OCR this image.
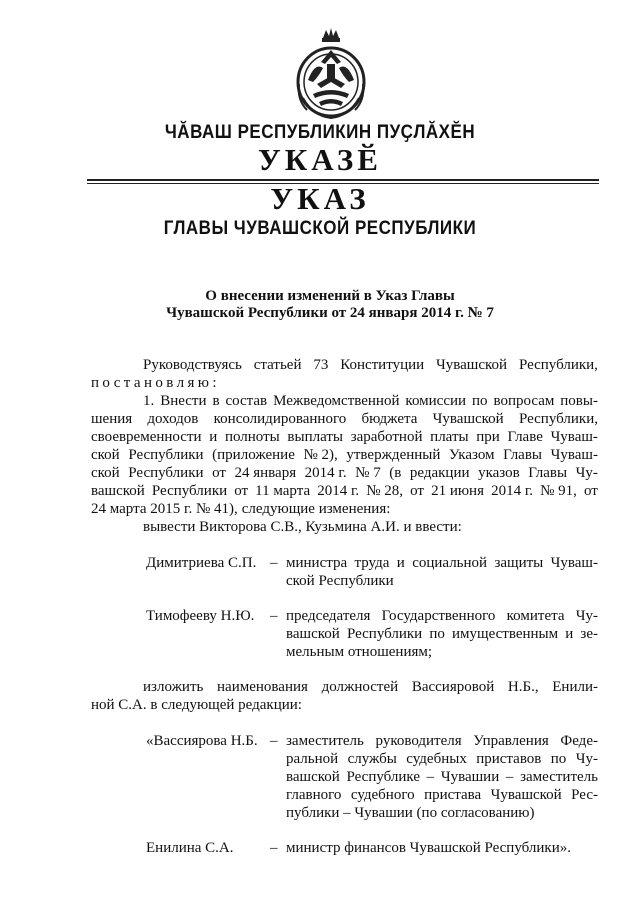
ЧӐВАШ РЕСПУБЛИКИН ПУҪЛӐХӖН
УКАЗӖ
УКАЗ
ГЛАВЫ ЧУВАШСКОЙ РЕСПУБЛИКИ
О внесении изменений в Указ Главы
Чувашской Республики от 24 января 2014 г. № 7
Руководствуясь статьей 73 Конституции Чувашской Республики,
постановляю:
1. Внести в состав Межведомственной комиссии по вопросам повы-
шения доходов консолидированного бюджета Чувашской Республики,
своевременности и полноты выплаты заработной платы при Главе Чуваш-
ской Республики (приложение № 2), утвержденный Указом Главы Чуваш-
ской Республики от 24 января 2014 г. № 7 (в редакции указов Главы Чу-
вашской Республики от 11 марта 2014 г. № 28, от 21 июня 2014 г. № 91, от
24 марта 2015 г. № 41), следующие изменения:
вывести Викторова С.В., Кузьмина А.И. и ввести:
Димитриева С.П. – министра труда и социальной защиты Чуваш-
ской Республики
Тимофееву Н.Ю. – председателя Государственного комитета Чу-
вашской Республики по имущественным и зе-
мельным отношениям;
изложить наименования должностей Вассияровой Н.Б., Енили-
ной С.А. в следующей редакции:
«Вассиярова Н.Б. – заместитель руководителя Управления Феде-
ральной службы судебных приставов по Чу-
вашской Республике – Чувашии – заместитель
главного судебного пристава Чувашской Рес-
публики – Чувашии (по согласованию)
Енилина С.А. – министр финансов Чувашской Республики».
